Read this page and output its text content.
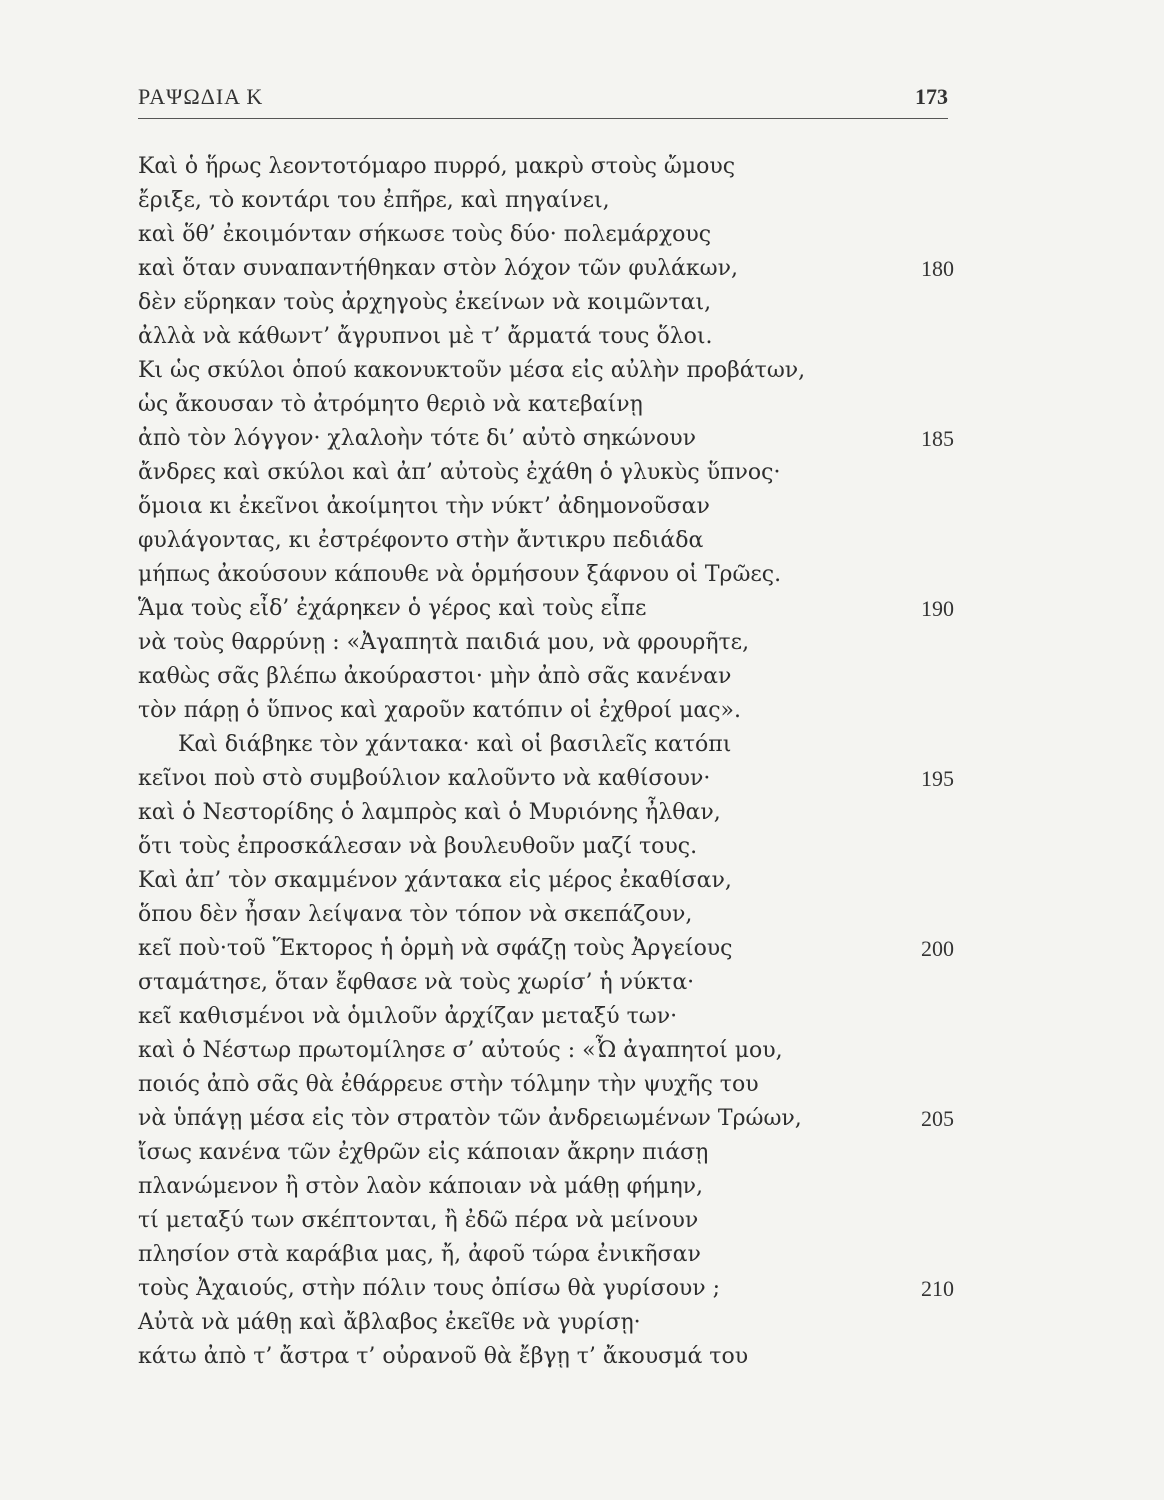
ΡΑΨΩΔΙΑ Κ	173
Καὶ ὁ ἥρως λεοντοτόμαρο πυρρό, μακρὺ στοὺς ὤμους
ἔριξε, τὸ κοντάρι του ἐπῆρε, καὶ πηγαίνει,
καὶ ὅθ’ ἐκοιμόνταν σήκωσε τοὺς δύο· πολεμάρχους
καὶ ὅταν συναπαντήθηκαν στὸν λόχον τῶν φυλάκων,	180
δὲν εὕρηκαν τοὺς ἀρχηγοὺς ἐκείνων νὰ κοιμῶνται,
ἀλλὰ νὰ κάθωντ’ ἄγρυπνοι μὲ τ’ ἄρματά τους ὅλοι.
Κι ὡς σκύλοι ὁπού κακονυκτοῦν μέσα εἰς αὐλὴν προβάτων,
ὡς ἄκουσαν τὸ ἀτρόμητο θεριὸ νὰ κατεβαίνῃ
ἀπὸ τὸν λόγγον· χλαλοὴν τότε δι’ αὐτὸ σηκώνουν	185
ἄνδρες καὶ σκύλοι καὶ ἀπ’ αὐτοὺς ἐχάθη ὁ γλυκὺς ὕπνος·
ὅμοια κι ἐκεῖνοι ἀκοίμητοι τὴν νύκτ’ ἀδημονοῦσαν
φυλάγοντας, κι ἐστρέφοντο στὴν ἄντικρυ πεδιάδα
μήπως ἀκούσουν κάπουθε νὰ ὁρμήσουν ξάφνου οἱ Τρῶες.
Ἅμα τοὺς εἶδ’ ἐχάρηκεν ὁ γέρος καὶ τοὺς εἶπε	190
νὰ τοὺς θαρρύνῃ : «Ἀγαπητὰ παιδιά μου, νὰ φρουρῆτε,
καθὼς σᾶς βλέπω ἀκούραστοι· μὴν ἀπὸ σᾶς κανέναν
τὸν πάρῃ ὁ ὕπνος καὶ χαροῦν κατόπιν οἱ ἐχθροί μας».
Καὶ διάβηκε τὸν χάντακα· καὶ οἱ βασιλεῖς κατόπι
κεῖνοι ποὺ στὸ συμβούλιον καλοῦντο νὰ καθίσουν·	195
καὶ ὁ Νεστορίδης ὁ λαμπρὸς καὶ ὁ Μυριόνης ἦλθαν,
ὅτι τοὺς ἐπροσκάλεσαν νὰ βουλευθοῦν μαζί τους.
Καὶ ἀπ’ τὸν σκαμμένον χάντακα εἰς μέρος ἐκαθίσαν,
ὅπου δὲν ἦσαν λείψανα τὸν τόπον νὰ σκεπάζουν,
κεῖ ποὺ·τοῦ Ἕκτορος ἡ ὁρμὴ νὰ σφάζῃ τοὺς Ἀργείους	200
σταμάτησε, ὅταν ἔφθασε νὰ τοὺς χωρίσ’ ἡ νύκτα·
κεῖ καθισμένοι νὰ ὁμιλοῦν ἀρχίζαν μεταξύ των·
καὶ ὁ Νέστωρ πρωτομίλησε σ’ αὐτούς : «Ὦ ἀγαπητοί μου,
ποιός ἀπὸ σᾶς θὰ ἐθάρρευε στὴν τόλμην τὴν ψυχῆς του
νὰ ὑπάγῃ μέσα εἰς τὸν στρατὸν τῶν ἀνδρειωμένων Τρώων,	205
ἴσως κανένα τῶν ἐχθρῶν εἰς κάποιαν ἄκρην πιάσῃ
πλανώμενον ἢ στὸν λαὸν κάποιαν νὰ μάθῃ φήμην,
τί μεταξύ των σκέπτονται, ἢ ἐδῶ πέρα νὰ μείνουν
πλησίον στὰ καράβια μας, ἤ, ἀφοῦ τώρα ἐνικῆσαν
τοὺς Ἀχαιούς, στὴν πόλιν τους ὀπίσω θὰ γυρίσουν ;	210
Αὐτὰ νὰ μάθῃ καὶ ἄβλαβος ἐκεῖθε νὰ γυρίσῃ·
κάτω ἀπὸ τ’ ἄστρα τ’ οὐρανοῦ θὰ ἔβγῃ τ’ ἄκουσμά του
